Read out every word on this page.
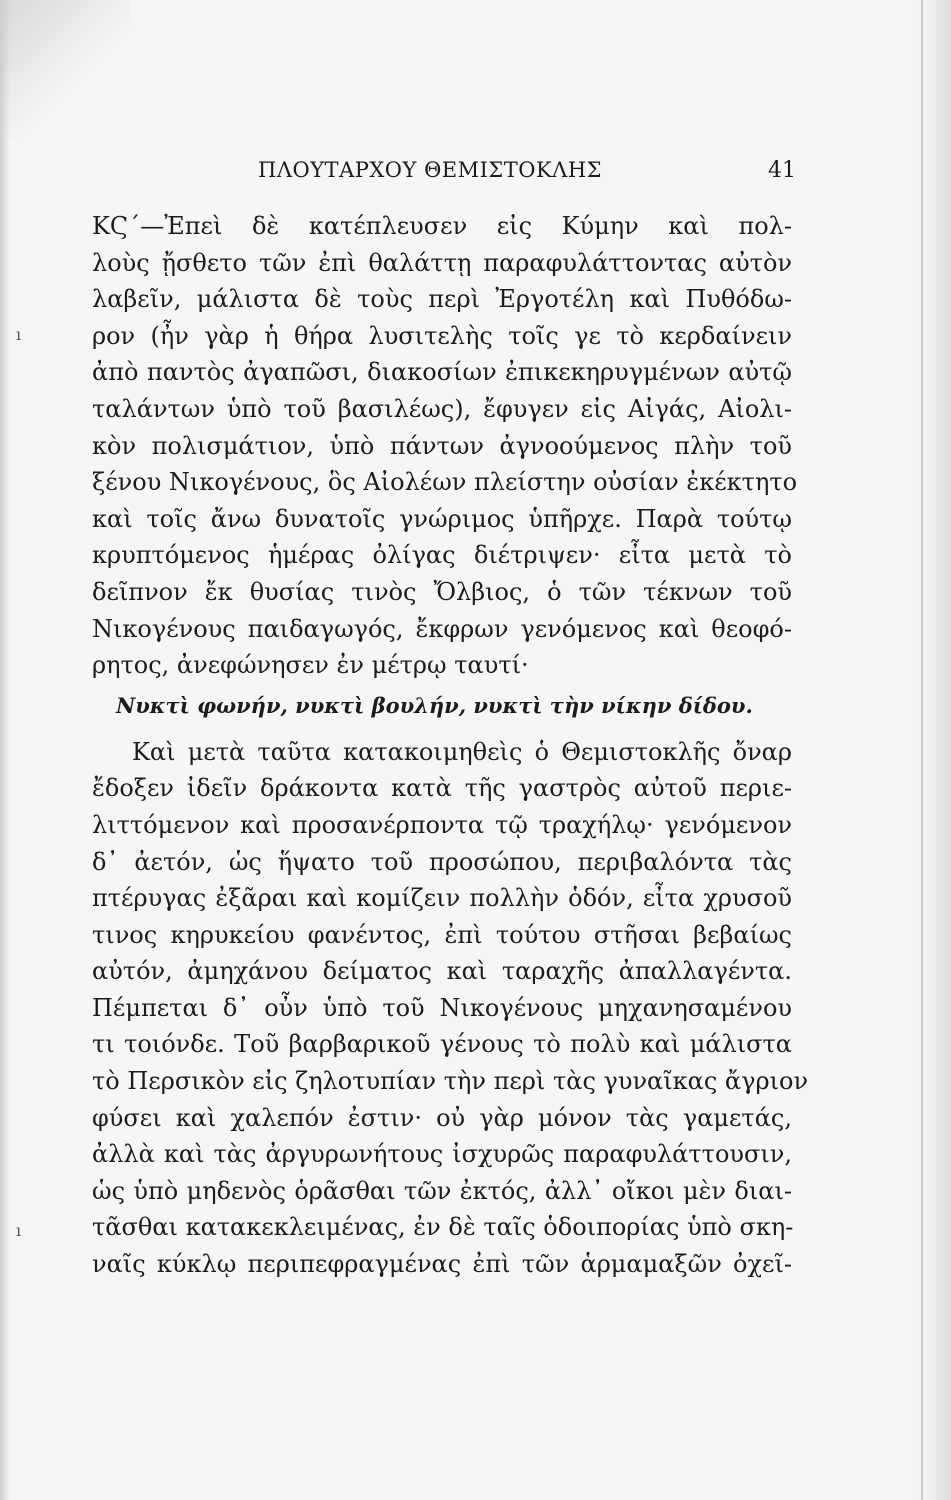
ı
ı
ΠΛΟΥΤΑΡΧΟΥ ΘΕΜΙΣΤΟΚΛΗΣ	41
ΚϚ΄—Ἐπεὶ δὲ κατέπλευσεν εἰς Κύμην καὶ πολ-
λοὺς ᾔσθετο τῶν ἐπὶ θαλάττῃ παραφυλάττοντας αὐτὸν
λαβεῖν, μάλιστα δὲ τοὺς περὶ Ἐργοτέλη καὶ Πυθόδω-
ρον (ἦν γὰρ ἡ θήρα λυσιτελὴς τοῖς γε τὸ κερδαίνειν
ἀπὸ παντὸς ἀγαπῶσι, διακοσίων ἐπικεκηρυγμένων αὐτῷ
ταλάντων ὑπὸ τοῦ βασιλέως), ἔφυγεν εἰς Αἰγάς, Αἰολι-
κὸν πολισμάτιον, ὑπὸ πάντων ἀγνοούμενος πλὴν τοῦ
ξένου Νικογένους, ὃς Αἰολέων πλείστην οὐσίαν ἐκέκτητο
καὶ τοῖς ἄνω δυνατοῖς γνώριμος ὑπῆρχε. Παρὰ τούτῳ
κρυπτόμενος ἡμέρας ὀλίγας διέτριψεν· εἶτα μετὰ τὸ
δεῖπνον ἔκ θυσίας τινὸς Ὄλβιος, ὁ τῶν τέκνων τοῦ
Νικογένους παιδαγωγός, ἔκφρων γενόμενος καὶ θεοφό-
ρητος, ἀνεφώνησεν ἐν μέτρῳ ταυτί·
Νυκτὶ φωνήν, νυκτὶ βουλήν, νυκτὶ τὴν νίκην δίδου.
Καὶ μετὰ ταῦτα κατακοιμηθεὶς ὁ Θεμιστοκλῆς ὄναρ
ἔδοξεν ἰδεῖν δράκοντα κατὰ τῆς γαστρὸς αὐτοῦ περιε-
λιττόμενον καὶ προσανέρποντα τῷ τραχήλῳ· γενόμενον
δ᾽ ἀετόν, ὡς ἥψατο τοῦ προσώπου, περιβαλόντα τὰς
πτέρυγας ἐξᾶραι καὶ κομίζειν πολλὴν ὁδόν, εἶτα χρυσοῦ
τινος κηρυκείου φανέντος, ἐπὶ τούτου στῆσαι βεβαίως
αὐτόν, ἀμηχάνου δείματος καὶ ταραχῆς ἀπαλλαγέντα.
Πέμπεται δ᾽ οὖν ὑπὸ τοῦ Νικογένους μηχανησαμένου
τι τοιόνδε. Τοῦ βαρβαρικοῦ γένους τὸ πολὺ καὶ μάλιστα
τὸ Περσικὸν εἰς ζηλοτυπίαν τὴν περὶ τὰς γυναῖκας ἄγριον
φύσει καὶ χαλεπόν ἐστιν· οὐ γὰρ μόνον τὰς γαμετάς,
ἀλλὰ καὶ τὰς ἀργυρωνήτους ἰσχυρῶς παραφυλάττουσιν,
ὡς ὑπὸ μηδενὸς ὁρᾶσθαι τῶν ἐκτός, ἀλλ᾽ οἴκοι μὲν διαι-
τᾶσθαι κατακεκλειμένας, ἐν δὲ ταῖς ὁδοιπορίας ὑπὸ σκη-
ναῖς κύκλῳ περιπεφραγμένας ἐπὶ τῶν ἁρμαμαξῶν ὀχεῖ-
